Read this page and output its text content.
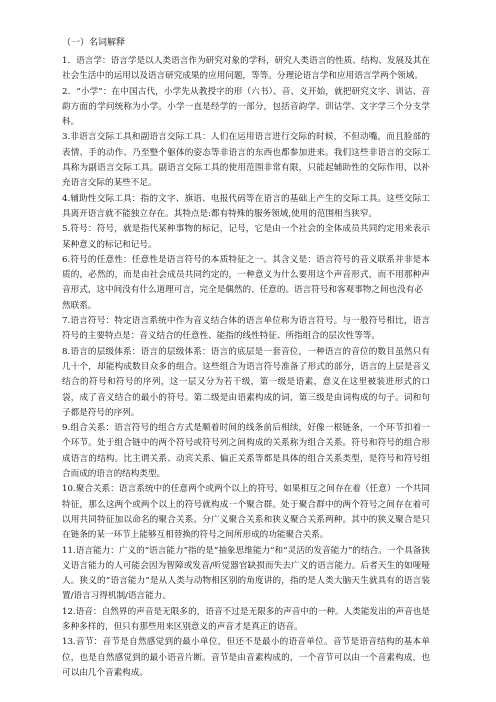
（一）名词解释

1．语言学：语言学是以人类语言作为研究对象的学科，研究人类语言的性质、结构、发展及其在社会生活中的运用以及语言研究成果的应用问题，等等。分理论语言学和应用语言学两个领域。

2．“小学”：在中国古代，小学先从教授字的形（六书）、音、义开始，就把研究文字、训诂、音韵方面的学问统称为小学。小学一直是经学的一部分，包括音韵学、训诂学、文字学三个分支学科。

3.非语言交际工具和副语言交际工具：人们在运用语言进行交际的时候，不但动嘴，而且脸部的表情、手的动作、乃至整个躯体的姿态等非语言的东西也都参加进来。我们这些非语言的交际工具称为副语言交际工具。副语言交际工具的使用范围非常有限，只能起辅助性的交际作用，以补充语言交际的某些不足。

4.辅助性交际工具：指的文字、旗语、电报代码等在语言的基础上产生的交际工具。这些交际工具离开语言就不能独立存在。其特点是:都有特殊的服务领域,使用的范围相当狭窄。

5.符号：符号，就是指代某种事物的标记，记号，它是由一个社会的全体成员共同约定用来表示某种意义的标记和记号。

6.符号的任意性：任意性是语言符号的本质特征之一。其含义是：语言符号的音义联系并非是本质的，必然的，而是由社会成员共同约定的，一种意义为什么要用这个声音形式，而不用那种声音形式，这中间没有什么道理可言，完全是偶然的、任意的。语言符号和客观事物之间也没有必

然联系。

7.语言符号：特定语言系统中作为音义结合体的语言单位称为语言符号。与一般符号相比，语言符号的主要特点是：音义结合的任意性、能指的线性特征、所指组合的层次性等等。

8.语言的层级体系：语言的层级体系：语言的底层是一套音位，一种语言的音位的数目虽然只有几十个，却能构成数目众多的组合。这些组合为语言符号准备了形式的部分，语言的上层是音义结合的符号和符号的序列，这一层又分为若干级，第一级是语素，意义在这里被装进形式的口袋，成了音义结合的最小的符号。第二级是由语素构成的词，第三级是由词构成的句子。词和句子都是符号的序列。

9.组合关系：语言符号的组合方式是顺着时间的线条前后相续，好像一根链条，一个环节扣着一个环节。处于组合链中的两个符号或符号列之间构成的关系称为组合关系。符号和符号的组合形成语言的结构。比主谓关系、动宾关系、偏正关系等都是具体的组合关系类型，是符号和符号组合而成的语言的结构类型。

10.聚合关系：语言系统中的任意两个或两个以上的符号，如果相互之间存在着（任意）一个共同特征，那么这两个或两个以上的符号就构成一个聚合群。处于聚合群中的两个符号之间存在着可以用共同特征加以命名的聚合关系。分广义聚合关系和狭义聚合关系两种。其中的狭义聚合是只在链条的某一环节上能够互相替换的符号之间所形成的功能聚合关系。

11.语言能力：广义的“语言能力”指的是“抽象思维能力”和“灵活的发音能力”的结合。一个具备狭义语言能力的人可能会因为智障或发音/听觉器官缺损而失去广义的语言能力。后者天生的如哑哑人。狭义的“语言能力”是从人类与动物相区别的角度讲的，指的是人类大脑天生就具有的语言装置/语言习得机制/语言能力。

12.语音：自然界的声音是无限多的，语音不过是无限多的声音中的一种。人类能发出的声音也是多种多样的，但只有那些用来区别意义的声音才是真正的语音。

13.音节：音节是自然感觉到的最小单位，但还不是最小的语音单位。音节是语音结构的基本单位，也是自然感觉到的最小语音片断。音节是由音素构成的，一个音节可以由一个音素构成，也可以由几个音素构成。
